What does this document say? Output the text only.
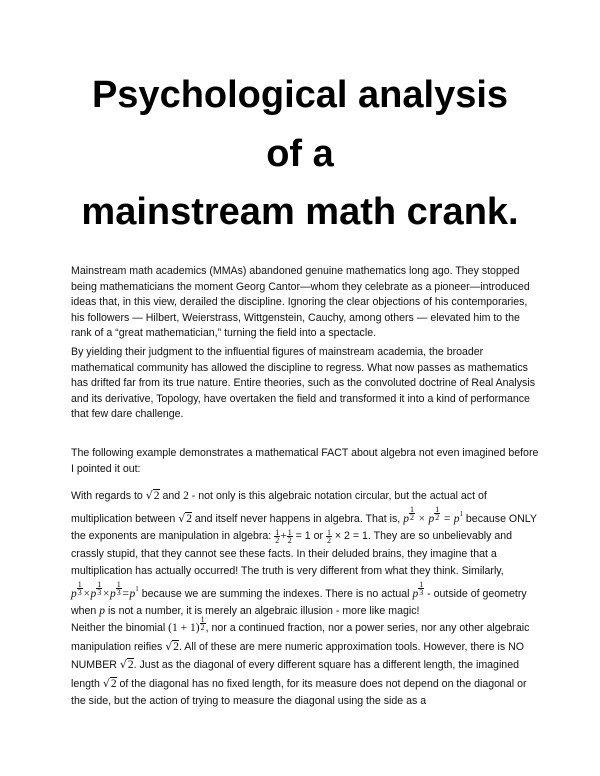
Psychological analysis
of a
mainstream math crank.

Mainstream math academics (MMAs) abandoned genuine mathematics long ago. They stopped being mathematicians the moment Georg Cantor—whom they celebrate as a pioneer—introduced ideas that, in this view, derailed the discipline. Ignoring the clear objections of his contemporaries, his followers — Hilbert, Weierstrass, Wittgenstein, Cauchy, among others — elevated him to the rank of a “great mathematician,” turning the field into a spectacle.

By yielding their judgment to the influential figures of mainstream academia, the broader mathematical community has allowed the discipline to regress. What now passes as mathematics has drifted far from its true nature. Entire theories, such as the convoluted doctrine of Real Analysis and its derivative, Topology, have overtaken the field and transformed it into a kind of performance that few dare challenge.

The following example demonstrates a mathematical FACT about algebra not even imagined before I pointed it out:

With regards to √2 and 2 - not only is this algebraic notation circular, but the actual act of multiplication between √2 and itself never happens in algebra. That is, p $^{\frac{1}{2}}$ × p $^{\frac{1}{2}} = p^1$ because ONLY the exponents are manipulation in algebra: $\frac{1}{2} + \frac{1}{2} = 1$ or $\frac{1}{2} \times 2 = 1$. They are so unbelievably and crassly stupid, that they cannot see these facts. In their deluded brains, they imagine that a multiplication has actually occurred! The truth is very different from what they think. Similarly,
p $^{\frac{1}{3}}$ ×p $^{\frac{1}{3}}$ ×p $^{\frac{1}{3}} =p^1$ because we are summing the indexes. There is no actual p $^{\frac{1}{3}}$ - outside of geometry when p is not a number, it is merely an algebraic illusion - more like magic!

Neither the binomial (1 + 1) $^{\frac{1}{2}}$ , nor a continued fraction, nor a power series, nor any other algebraic manipulation reifies √2. All of these are mere numeric approximation tools. However, there is NO NUMBER √2. Just as the diagonal of every different square has a different length, the imagined length √2 of the diagonal has no fixed length, for its measure does not depend on the diagonal or the side, but the action of trying to measure the diagonal using the side as a
